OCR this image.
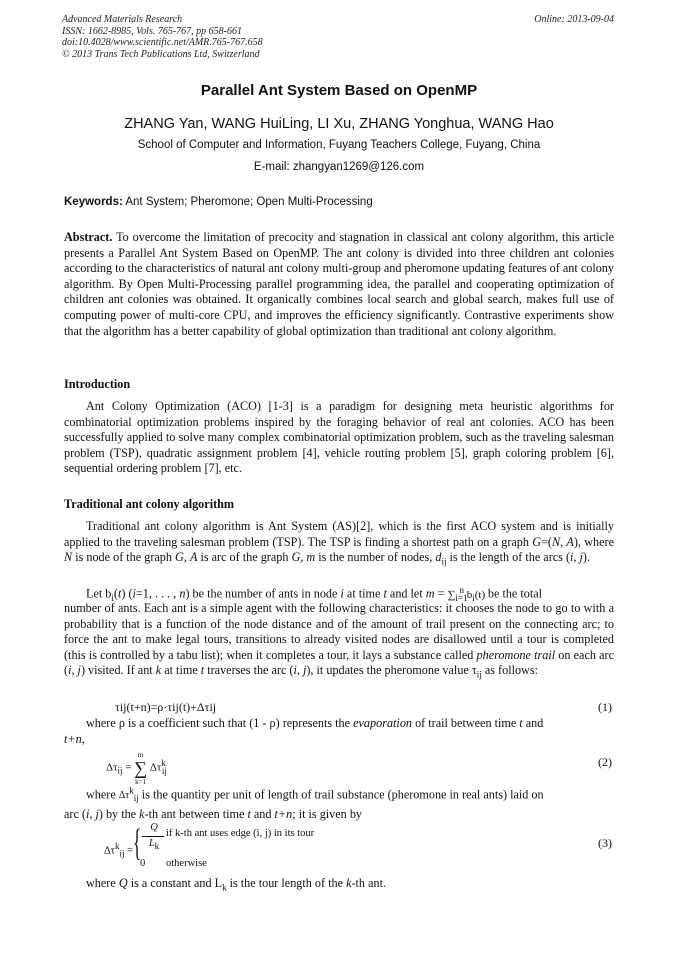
Advanced Materials Research
ISSN: 1662-8985, Vols. 765-767, pp 658-661
doi:10.4028/www.scientific.net/AMR.765-767.658
© 2013 Trans Tech Publications Ltd, Switzerland
Online: 2013-09-04
Parallel Ant System Based on OpenMP
ZHANG Yan, WANG HuiLing, LI Xu, ZHANG Yonghua, WANG Hao
School of Computer and Information, Fuyang Teachers College, Fuyang, China
E-mail: zhangyan1269@126.com
Keywords: Ant System; Pheromone; Open Multi-Processing
Abstract. To overcome the limitation of precocity and stagnation in classical ant colony algorithm, this article presents a Parallel Ant System Based on OpenMP. The ant colony is divided into three children ant colonies according to the characteristics of natural ant colony multi-group and pheromone updating features of ant colony algorithm. By Open Multi-Processing parallel programming idea, the parallel and cooperating optimization of children ant colonies was obtained. It organically combines local search and global search, makes full use of computing power of multi-core CPU, and improves the efficiency significantly. Contrastive experiments show that the algorithm has a better capability of global optimization than traditional ant colony algorithm.
Introduction
Ant Colony Optimization (ACO) [1-3] is a paradigm for designing meta heuristic algorithms for combinatorial optimization problems inspired by the foraging behavior of real ant colonies. ACO has been successfully applied to solve many complex combinatorial optimization problem, such as the traveling salesman problem (TSP), quadratic assignment problem [4], vehicle routing problem [5], graph coloring problem [6], sequential ordering problem [7], etc.
Traditional ant colony algorithm
Traditional ant colony algorithm is Ant System (AS)[2], which is the first ACO system and is initially applied to the traveling salesman problem (TSP). The TSP is finding a shortest path on a graph G=(N, A), where N is node of the graph G, A is arc of the graph G, m is the number of nodes, $d_{ij}$ is the length of the arcs (i, j).
Let $b_i(t)$ (i=1, . . . , n) be the number of ants in node i at time t and let $m = \sum_{i=1}^n$ $b_i(t)$ be the total
number of ants. Each ant is a simple agent with the following characteristics: it chooses the node to go to with a probability that is a function of the node distance and of the amount of trail present on the connecting arc; to force the ant to make legal tours, transitions to already visited nodes are disallowed until a tour is completed (this is controlled by a tabu list); when it completes a tour, it lays a substance called pheromone trail on each arc (i, j) visited. If ant k at time t traverses the arc (i, j), it updates the pheromone value $\tau_{ij}$ as follows:
τij(t+n)=ρ·τij(t)+Δτij	(1)
where ρ is a coefficient such that (1 - ρ) represents the evaporation of trail between time t and
t+n,
$\Delta\tau_{ij} = m$
∑
k=1 $\Delta\tau^k_{ij}$
(2)
where $\Delta\tau^k_{ij}$ is the quantity per unit of length of trail substance (pheromone in real ants) laid on
arc (i, j) by the k-th ant between time t and t+n; it is given by
$\Delta\tau^k_{ij}$ = { Q
$L_k$
if k-th ant uses edge (i, j) in its tour
0 otherwise
(3)
where Q is a constant and $L_k$ is the tour length of the k-th ant.
